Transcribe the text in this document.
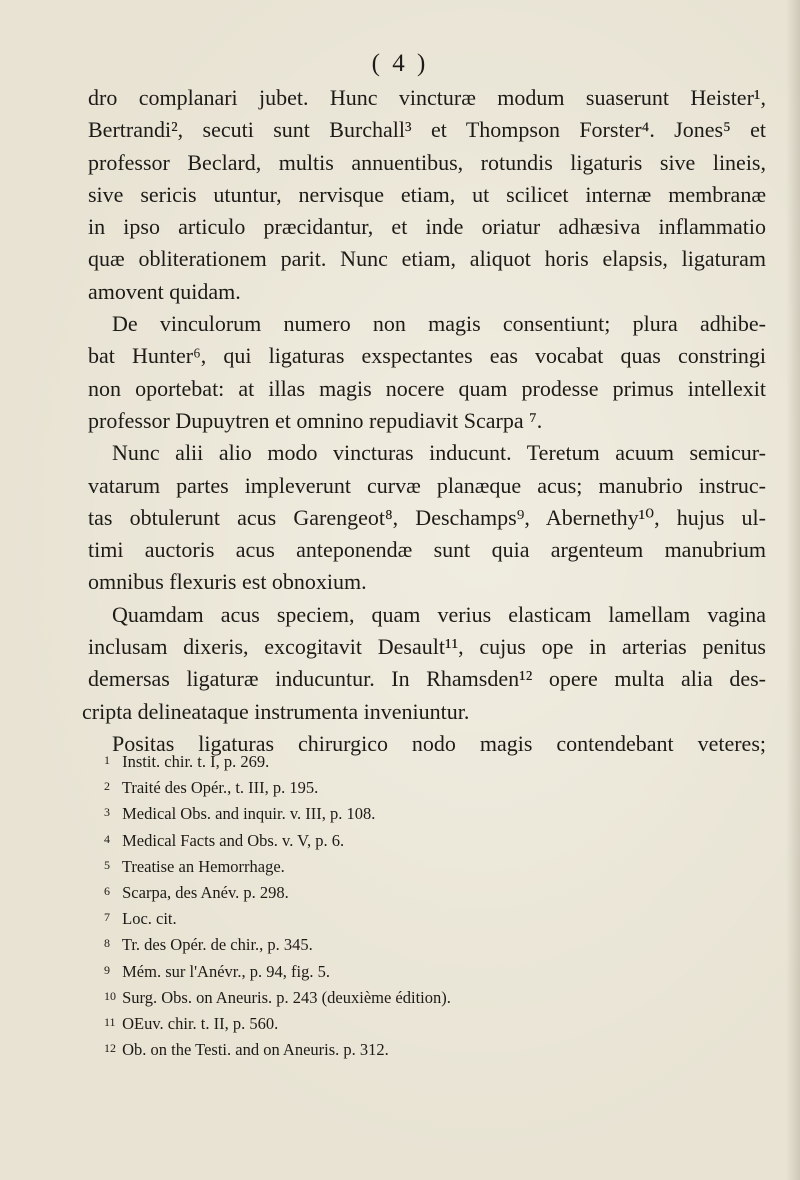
( 4 )
dro complanari jubet. Hunc vincturæ modum suaserunt Heister¹,
Bertrandi², secuti sunt Burchall³ et Thompson Forster⁴. Jones⁵ et
professor Beclard, multis annuentibus, rotundis ligaturis sive lineis,
sive sericis utuntur, nervisque etiam, ut scilicet internæ membranæ
in ipso articulo præcidantur, et inde oriatur adhæsiva inflammatio
quæ obliterationem parit. Nunc etiam, aliquot horis elapsis, ligaturam
amovent quidam.
De vinculorum numero non magis consentiunt; plura adhibe-
bat Hunter⁶, qui ligaturas exspectantes eas vocabat quas constringi
non oportebat: at illas magis nocere quam prodesse primus intellexit
professor Dupuytren et omnino repudiavit Scarpa ⁷.
Nunc alii alio modo vincturas inducunt. Teretum acuum semicur-
vatarum partes impleverunt curvæ planæque acus; manubrio instruc-
tas obtulerunt acus Garengeot⁸, Deschamps⁹, Abernethy¹⁰, hujus ul-
timi auctoris acus anteponendæ sunt quia argenteum manubrium
omnibus flexuris est obnoxium.
Quamdam acus speciem, quam verius elasticam lamellam vagina
inclusam dixeris, excogitavit Desault¹¹, cujus ope in arterias penitus
demersas ligaturæ inducuntur. In Rhamsden¹² opere multa alia des-
cripta delineataque instrumenta inveniuntur.
Positas ligaturas chirurgico nodo magis contendebant veteres;
1 Instit. chir. t. I, p. 269.
2 Traité des Opér., t. III, p. 195.
3 Medical Obs. and inquir. v. III, p. 108.
4 Medical Facts and Obs. v. V, p. 6.
5 Treatise an Hemorrhage.
6 Scarpa, des Anév. p. 298.
7 Loc. cit.
8 Tr. des Opér. de chir., p. 345.
9 Mém. sur l'Anévr., p. 94, fig. 5.
10 Surg. Obs. on Aneuris. p. 243 (deuxième édition).
11 OEuv. chir. t. II, p. 560.
12 Ob. on the Testi. and on Aneuris. p. 312.
